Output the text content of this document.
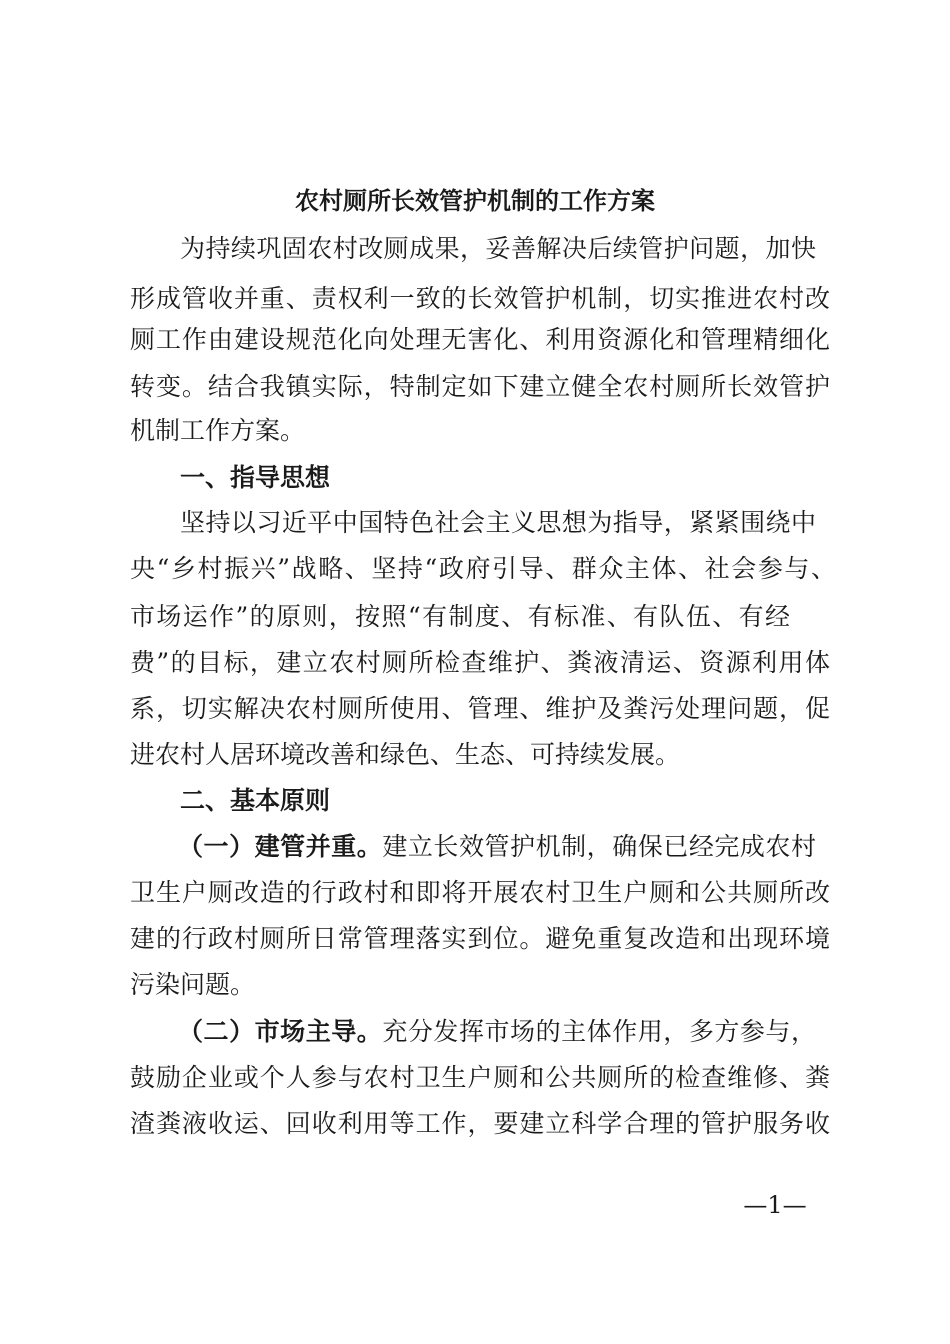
农村厕所长效管护机制的工作方案

为持续巩固农村改厕成果，妥善解决后续管护问题，加快

形成管收并重、责权利一致的长效管护机制，切实推进农村改

厕工作由建设规范化向处理无害化、利用资源化和管理精细化

转变。结合我镇实际，特制定如下建立健全农村厕所长效管护

机制工作方案。

一、指导思想

坚持以习近平中国特色社会主义思想为指导，紧紧围绕中

央“乡村振兴”战略、坚持“政府引导、群众主体、社会参与、

市场运作”的原则，按照“有制度、有标准、有队伍、有经

费”的目标，建立农村厕所检查维护、粪液清运、资源利用体

系，切实解决农村厕所使用、管理、维护及粪污处理问题，促

进农村人居环境改善和绿色、生态、可持续发展。

二、基本原则

（一）建管并重。建立长效管护机制，确保已经完成农村

卫生户厕改造的行政村和即将开展农村卫生户厕和公共厕所改

建的行政村厕所日常管理落实到位。避免重复改造和出现环境

污染问题。

（二）市场主导。充分发挥市场的主体作用，多方参与，

鼓励企业或个人参与农村卫生户厕和公共厕所的检查维修、粪

渣粪液收运、回收利用等工作，要建立科学合理的管护服务收

—1—
